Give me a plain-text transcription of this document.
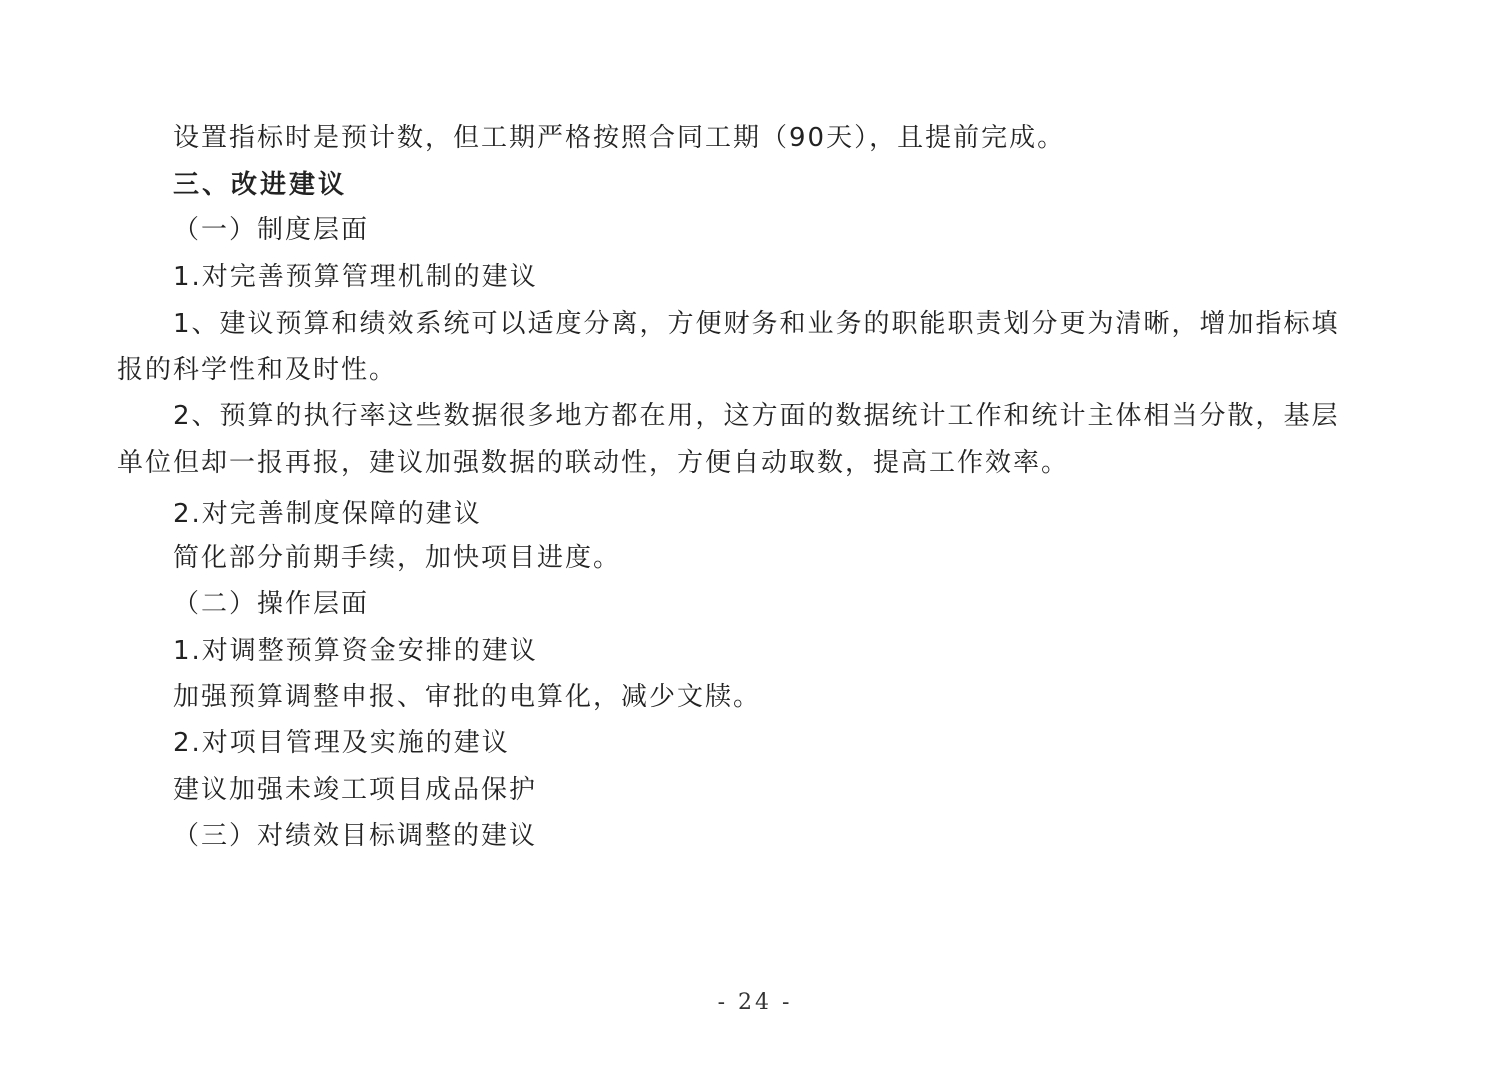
设置指标时是预计数，但工期严格按照合同工期（90天），且提前完成。
三、改进建议
（一）制度层面
1.对完善预算管理机制的建议
1、建议预算和绩效系统可以适度分离，方便财务和业务的职能职责划分更为清晰，增加指标填
报的科学性和及时性。
2、预算的执行率这些数据很多地方都在用，这方面的数据统计工作和统计主体相当分散，基层
单位但却一报再报，建议加强数据的联动性，方便自动取数，提高工作效率。
2.对完善制度保障的建议
简化部分前期手续，加快项目进度。
（二）操作层面
1.对调整预算资金安排的建议
加强预算调整申报、审批的电算化，减少文牍。
2.对项目管理及实施的建议
建议加强未竣工项目成品保护
（三）对绩效目标调整的建议
- 24 -
